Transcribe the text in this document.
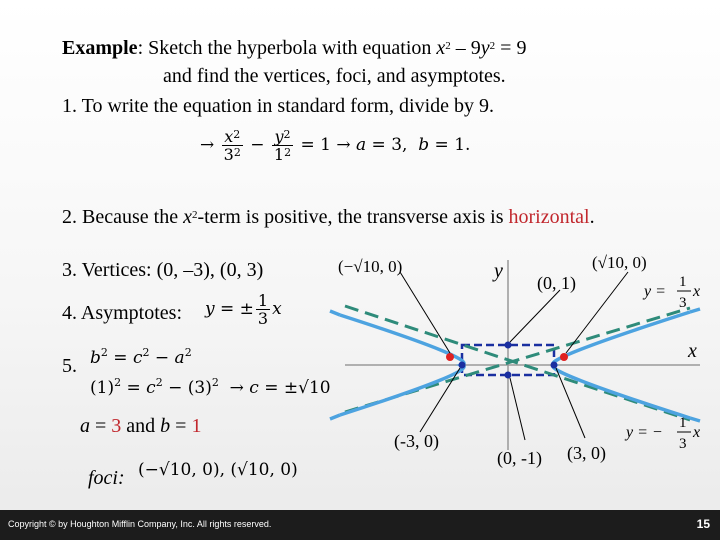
Example: Sketch the hyperbola with equation $x^2 - 9y^2 = 9$
and find the vertices, foci, and asymptotes.
1. To write the equation in standard form, divide by 9.
→ $\frac{x^2}{3^2} - \frac{y^2}{1^2} = 1 \to a = 3$,  b = 1.
2. Because the $x^2$-term is positive, the transverse axis is horizontal.
3. Vertices: (0, –3), (0, 3)
4. Asymptotes: y = ± $\frac{1}{3}$ x
5. $b^2 = c^2 - a^2$
$(1)^2 = c^2 - (3)^2 \to c = \pm√10$
a = 3 and b = 1
foci: (−√10, 0), (√10, 0)
y
x
(0, 1)
(-3, 0)
(0, -1) (3, 0)
(−√10, 0)	(√10, 0)
y =
1
3
x
y = −
1
3
x
Copyright © by Houghton Mifflin Company, Inc. All rights reserved.	15
